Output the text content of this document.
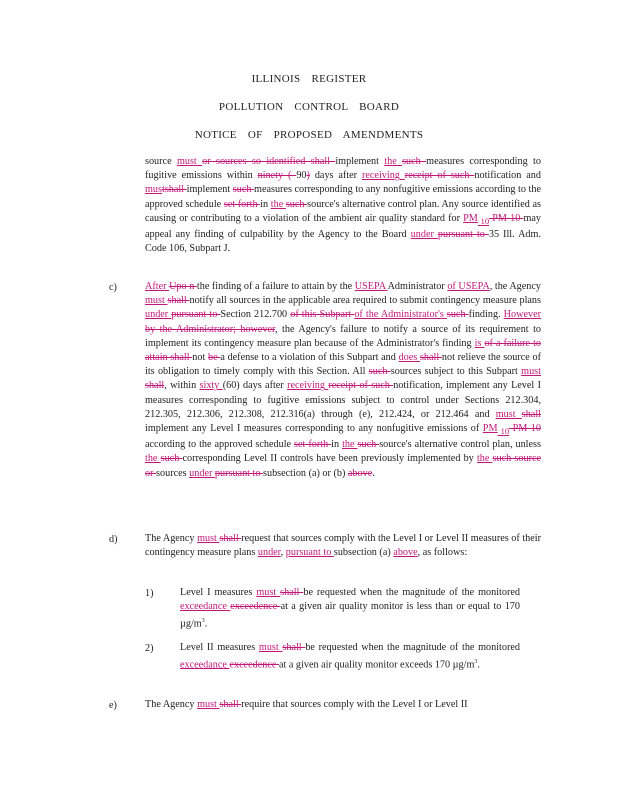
ILLINOIS REGISTER
POLLUTION CONTROL BOARD
NOTICE OF PROPOSED AMENDMENTS
source must or sources so identified shall implement the such measures corresponding to fugitive emissions within ninety ( 90) days after receiving receipt of such notification and mustshall implement such measures corresponding to any nonfugitive emissions according to the approved schedule set forth in the such source's alternative control plan. Any source identified as causing or contributing to a violation of the ambient air quality standard for PM $_{10}$ PM 10 may appeal any finding of culpability by the Agency to the Board under pursuant to 35 Ill. Adm. Code 106, Subpart J.
c)	After Upo n the finding of a failure to attain by the USEPA Administrator of USEPA, the Agency must shall notify all sources in the applicable area required to submit contingency measure plans under pursuant to Section 212.700 of this Subpart of the Administrator's such finding. However by the Administrator; however, the Agency's failure to notify a source of its requirement to implement its contingency measure plan because of the Administrator's finding is of a failure to attain shall not be a defense to a violation of this Subpart and does shall not relieve the source of its obligation to timely comply with this Section. All such sources subject to this Subpart must shall, within sixty (60) days after receiving receipt of such notification, implement any Level I measures corresponding to fugitive emissions subject to control under Sections 212.304, 212.305, 212.306, 212.308, 212.316(a) through (e), 212.424, or 212.464 and must shall implement any Level I measures corresponding to any nonfugitive emissions of PM $_{10}$ PM 10 according to the approved schedule set forth in the such source's alternative control plan, unless the such corresponding Level II controls have been previously implemented by the such source or sources under pursuant to subsection (a) or (b) above.
d)	The Agency must shall request that sources comply with the Level I or Level II measures of their contingency measure plans under, pursuant to subsection (a) above, as follows:
1)	Level I measures must shall be requested when the magnitude of the monitored exceedance exceedence at a given air quality monitor is less than or equal to 170 $\mu g/m^3$.
2)	Level II measures must shall be requested when the magnitude of the monitored exceedance exceedence at a given air quality monitor exceeds 170 $\mu g/m^3$.
e)	The Agency must shall require that sources comply with the Level I or Level II
